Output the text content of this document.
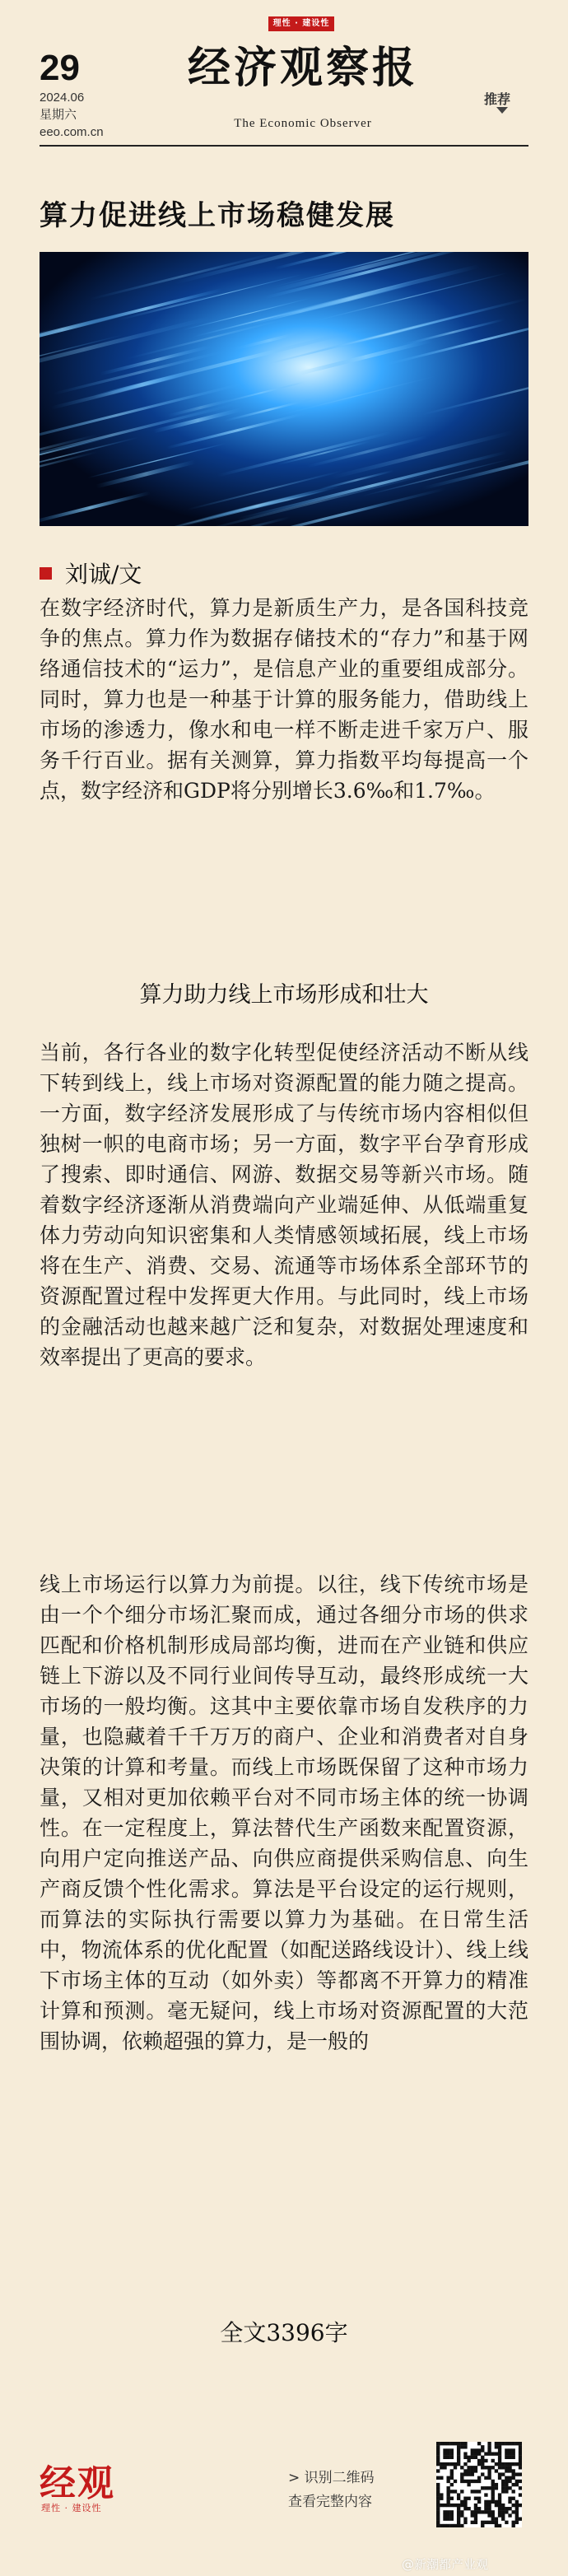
29
2024.06
星期六
eeo.com.cn
理性 · 建设性
经济观察报
The Economic Observer
推荐
算力促进线上市场稳健发展
刘诚/文

在数字经济时代，算力是新质生产力，是各国科技竞争的焦点。算力作为数据存储技术的“存力”和基于网络通信技术的“运力”，是信息产业的重要组成部分。同时，算力也是一种基于计算的服务能力，借助线上市场的渗透力，像水和电一样不断走进千家万户、服务千行百业。据有关测算，算力指数平均每提高一个点，数字经济和GDP将分别增长3.6‰和1.7‰。

算力助力线上市场形成和壮大

当前，各行各业的数字化转型促使经济活动不断从线下转到线上，线上市场对资源配置的能力随之提高。一方面，数字经济发展形成了与传统市场内容相似但独树一帜的电商市场；另一方面，数字平台孕育形成了搜索、即时通信、网游、数据交易等新兴市场。随着数字经济逐渐从消费端向产业端延伸、从低端重复体力劳动向知识密集和人类情感领域拓展，线上市场将在生产、消费、交易、流通等市场体系全部环节的资源配置过程中发挥更大作用。与此同时，线上市场的金融活动也越来越广泛和复杂，对数据处理速度和效率提出了更高的要求。

线上市场运行以算力为前提。以往，线下传统市场是由一个个细分市场汇聚而成，通过各细分市场的供求匹配和价格机制形成局部均衡，进而在产业链和供应链上下游以及不同行业间传导互动，最终形成统一大市场的一般均衡。这其中主要依靠市场自发秩序的力量，也隐藏着千千万万的商户、企业和消费者对自身决策的计算和考量。而线上市场既保留了这种市场力量，又相对更加依赖平台对不同市场主体的统一协调性。在一定程度上，算法替代生产函数来配置资源，向用户定向推送产品、向供应商提供采购信息、向生产商反馈个性化需求。算法是平台设定的运行规则，而算法的实际执行需要以算力为基础。在日常生活中，物流体系的优化配置（如配送路线设计）、线上线下市场主体的互动（如外卖）等都离不开算力的精准计算和预测。毫无疑问，线上市场对资源配置的大范围协调，依赖超强的算力，是一般的

全文3396字
经观
理性 · 建设性
> 识别二维码
查看完整内容
@新潮都产业观
